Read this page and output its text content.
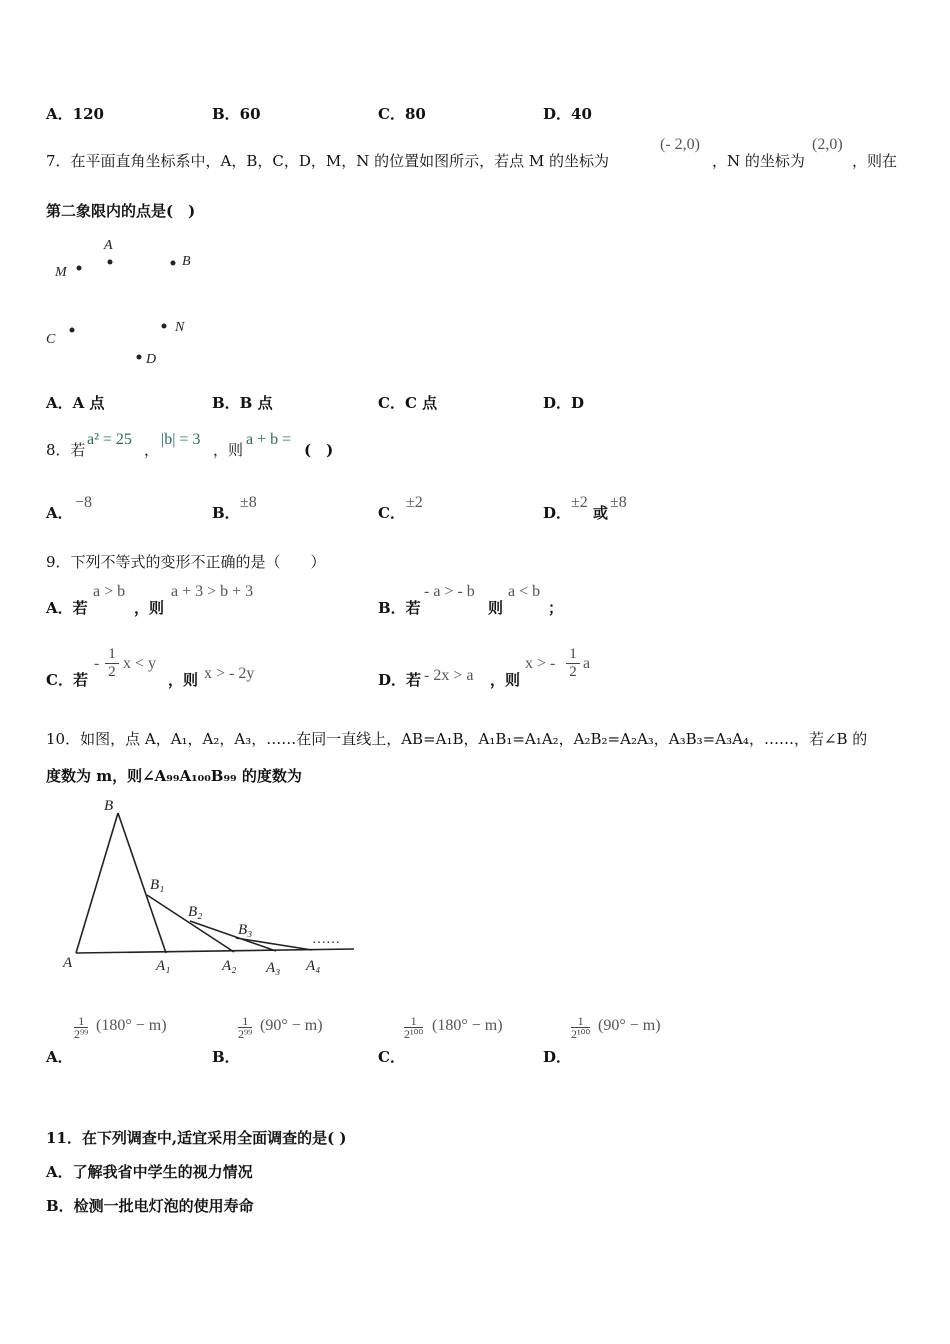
A．120	B．60	C．80	D．40
7．在平面直角坐标系中，A，B，C，D，M，N 的位置如图所示，若点 M 的坐标为
(- 2,0)
，N 的坐标为
(2,0)
，则在
第二象限内的点是(　)
A
B
M
C
N
D
A．A 点	B．B 点	C．C 点	D．D
8．若
a² = 25
，
|b| = 3
，则
a + b =
(　)
A．
−8
B．
±8
C．
±2
D．
±2
或
±8
9．下列不等式的变形不正确的是（　　）
A．若
a > b
，则
a + 3 > b + 3
B．若
- a > - b
则
a < b
；
C．若
- $\frac{1}{2}$ x < y
，则 x > - 2y	D．若 - 2x > a ，则
x > - $\frac{1}{2}$ a
10．如图，点 A，A₁，A₂，A₃，……在同一直线上，AB=A₁B，A₁B₁=A₁A₂，A₂B₂=A₂A₃，A₃B₃=A₃A₄，……，若∠B 的
度数为 m，则∠A₉₉A₁₀₀B₉₉ 的度数为
B
B₁
B₂
B₃
……
A	A₁	A₂ A₃ A₄
A．
$\frac{1}{\text{2⁹⁹}} (180^\circ - m)$
B．
$\frac{1}{\text{2⁹⁹}} (90^\circ - m)$
C．
$\frac{1}{\text{2¹⁰⁰}} (180^\circ - m)$
D．
$\frac{1}{\text{2¹⁰⁰}} (90^\circ - m)$
11．在下列调查中,适宜采用全面调查的是( )
A．了解我省中学生的视力情况
B．检测一批电灯泡的使用寿命
